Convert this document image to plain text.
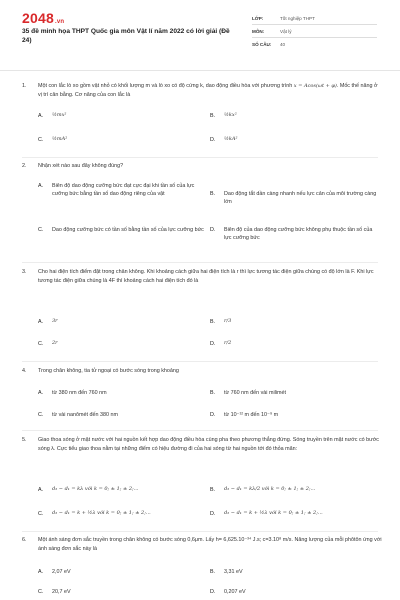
2048.vn
35 đề minh họa THPT Quốc gia môn Vật lí năm 2022 có lời giải (Đề 24)
LỚP:	Tốt nghiệp THPT
MÔN:	Vật lý
SỐ CÂU:	40
1.	Một con lắc lò xo gồm vật nhỏ có khối lượng m và lò xo có độ cứng k, dao động điều hòa với phương trình x = Acos(ωt + φ). Mốc thế năng ở vị trí cân bằng. Cơ năng của con lắc là
A.	½mx²	B.	½kx²
C.	½mA²	D.	½kA²
2.	Nhận xét nào sau đây không đúng?
A.	Biên độ dao động cưỡng bức đạt cực đại khi tần số của lực cưỡng bức bằng tần số dao động riêng của vật	B.	Dao động tắt dần càng nhanh nếu lực cản của môi trường càng lớn
C.	Dao động cưỡng bức có tần số bằng tần số của lực cưỡng bức D.	Biên độ của dao động cưỡng bức không phụ thuộc tần số của lực cưỡng bức
3.	Cho hai điện tích điểm đặt trong chân không. Khi khoảng cách giữa hai điện tích là r thì lực tương tác điện giữa chúng có độ lớn là F. Khi lực tương tác điện giữa chúng là 4F thì khoảng cách hai điện tích đó là
A.	3r	B.	r/3
C.	2r	D.	r/2
4.	Trong chân không, tia tử ngoại có bước sóng trong khoảng
A.	từ 380 nm đến 760 nm	B.	từ 760 nm đến vài milimét
C.	từ vài nanômét đến 380 nm	D.	từ 10⁻¹² m đến 10⁻⁹ m
5.	Giao thoa sóng ở mặt nước với hai nguồn kết hợp dao động điều hòa cùng pha theo phương thẳng đứng. Sóng truyền trên mặt nước có bước sóng λ. Cực tiểu giao thoa nằm tại những điểm có hiệu đường đi của hai sóng từ hai nguồn tới đó thỏa mãn:
A.	d₂ − d₁ = kλ với k = 0; ± 1; ± 2;...	B.	d₂ − d₁ = kλ/2 với k = 0; ± 1; ± 2;...
C.	d₂ − d₁ = k + ½λ với k = 0; ± 1; ± 2;...	D.	d₂ − d₁ = k + ½λ với k = 0; ± 1; ± 2;...
6.	Một ánh sáng đơn sắc truyền trong chân không có bước sóng 0,6μm. Lấy h= 6,625.10⁻³⁴ J.s; c=3.10⁸ m/s. Năng lượng của mỗi phôtôn ứng với ánh sáng đơn sắc này là
A.	2,07 eV	B.	3,31 eV
C.	20,7 eV	D.	0,207 eV
